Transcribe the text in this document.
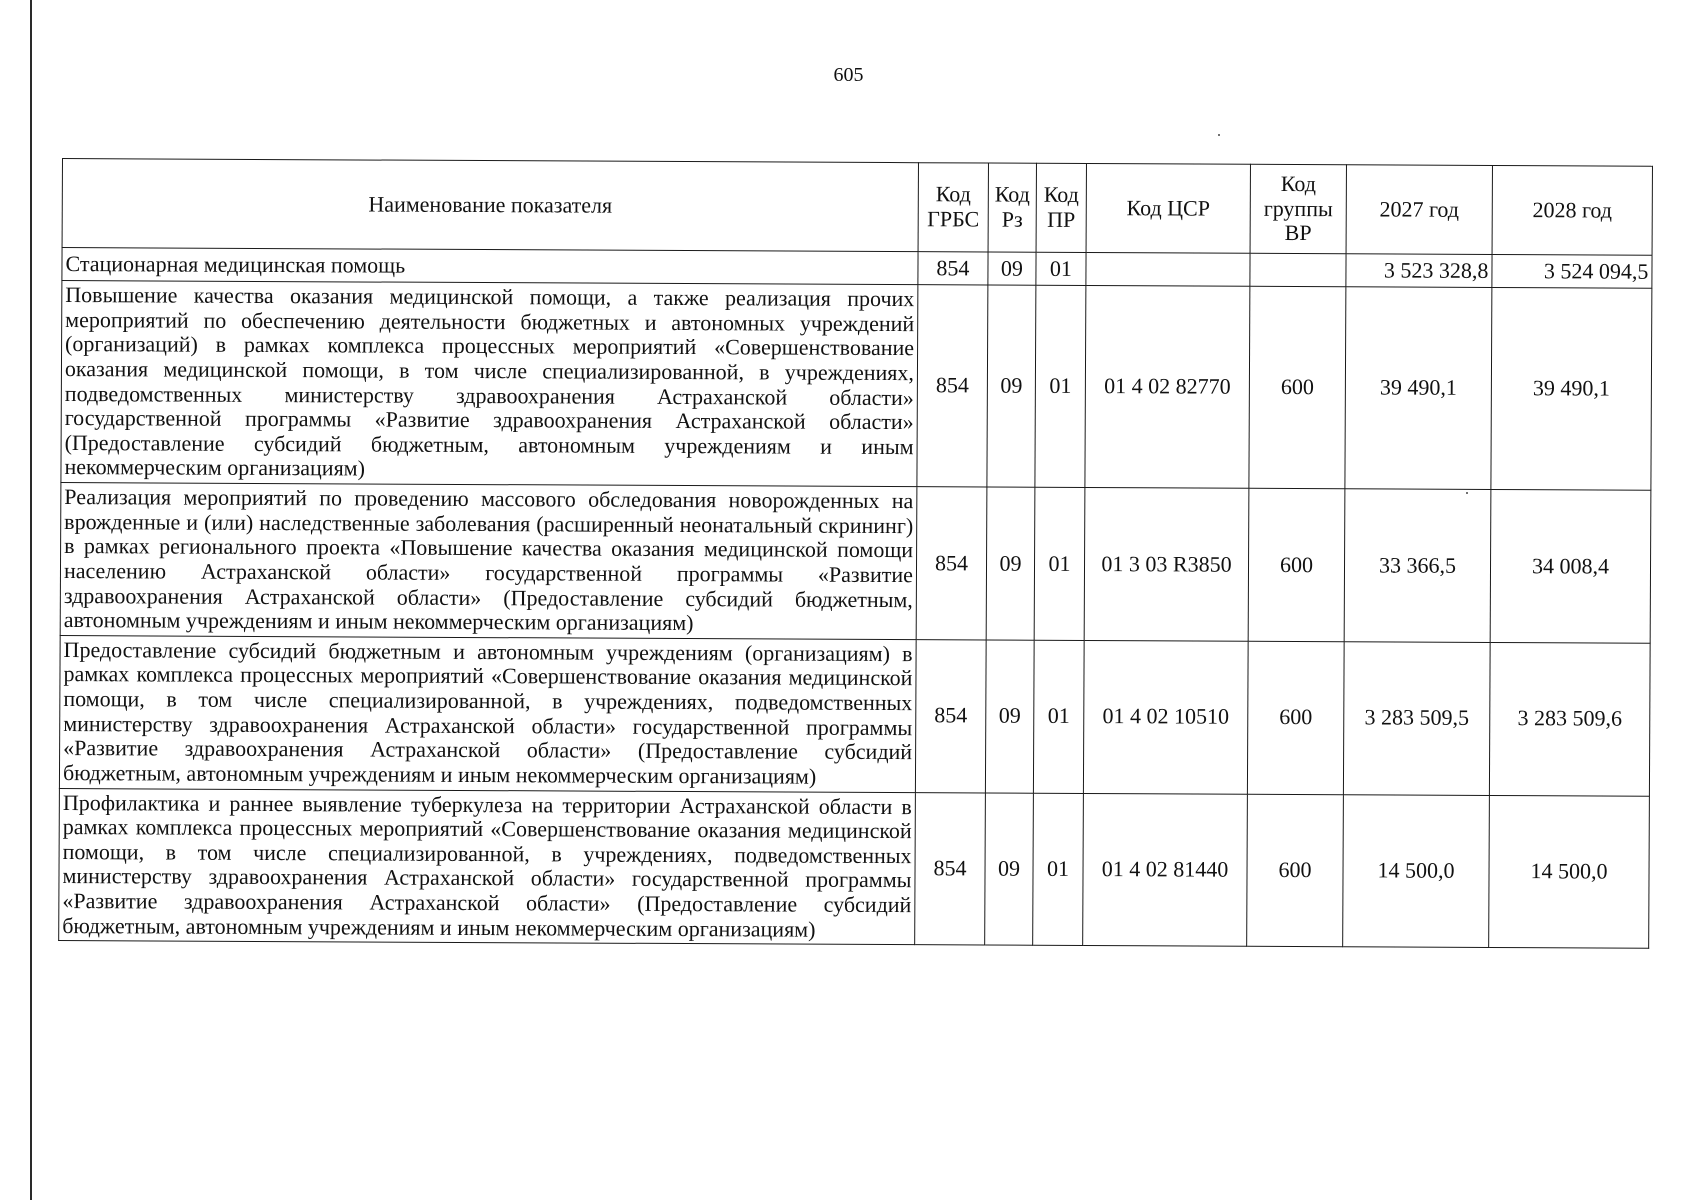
605
Наименование показателя	Код ГРБС	Код Рз	Код ПР	Код ЦСР	Код группы ВР	2027 год	2028 год
Стационарная медицинская помощь	854	09	01			3 523 328,8	3 524 094,5
Повышение качества оказания медицинской помощи, а также реализация прочих мероприятий по обеспечению деятельности бюджетных и автономных учреждений (организаций) в рамках комплекса процессных мероприятий «Совершенствование оказания медицинской помощи, в том числе специализированной, в учреждениях, подведомственных министерству здравоохранения Астраханской области» государственной программы «Развитие здравоохранения Астраханской области» (Предоставление субсидий бюджетным, автономным учреждениям и иным некоммерческим организациям)	854	09	01	01 4 02 82770	600	39 490,1	39 490,1
Реализация мероприятий по проведению массового обследования новорожденных на врожденные и (или) наследственные заболевания (расширенный неонатальный скрининг) в рамках регионального проекта «Повышение качества оказания медицинской помощи населению Астраханской области» государственной программы «Развитие здравоохранения Астраханской области» (Предоставление субсидий бюджетным, автономным учреждениям и иным некоммерческим организациям)	854	09	01	01 3 03 R3850	600	33 366,5	34 008,4
Предоставление субсидий бюджетным и автономным учреждениям (организациям) в рамках комплекса процессных мероприятий «Совершенствование оказания медицинской помощи, в том числе специализированной, в учреждениях, подведомственных министерству здравоохранения Астраханской области» государственной программы «Развитие здравоохранения Астраханской области» (Предоставление субсидий бюджетным, автономным учреждениям и иным некоммерческим организациям)	854	09	01	01 4 02 10510	600	3 283 509,5	3 283 509,6
Профилактика и раннее выявление туберкулеза на территории Астраханской области в рамках комплекса процессных мероприятий «Совершенствование оказания медицинской помощи, в том числе специализированной, в учреждениях, подведомственных министерству здравоохранения Астраханской области» государственной программы «Развитие здравоохранения Астраханской области» (Предоставление субсидий бюджетным, автономным учреждениям и иным некоммерческим организациям)	854	09	01	01 4 02 81440	600	14 500,0	14 500,0
